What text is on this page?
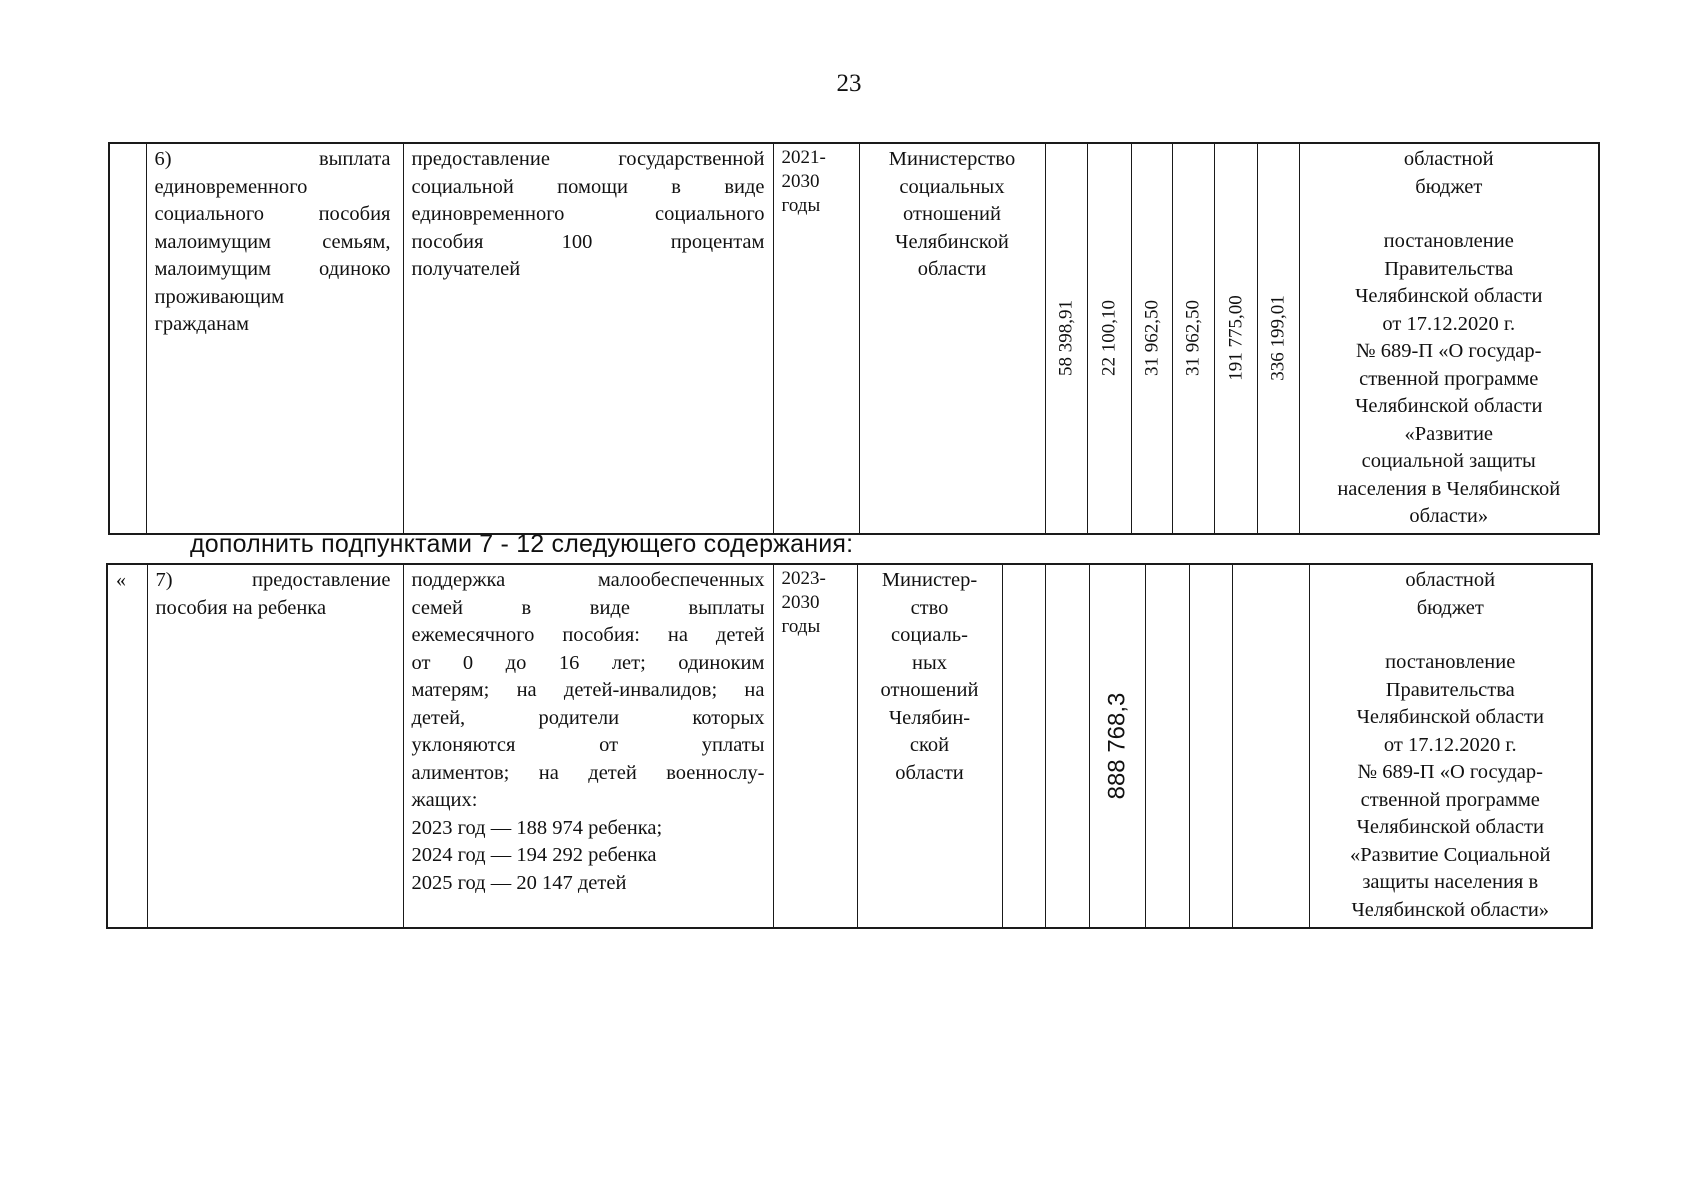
23

6) выплата
единовременного
социального пособия
малоимущим семьям,
малоимущим одиноко
проживающим
гражданам

предоставление государственной
социальной помощи в виде
единовременного социального
пособия 100 процентам
получателей

2021-
2030
годы

Министерство
социальных
отношений
Челябинской
области

58 398,91	22 100,10	31 962,50	31 962,50	191 775,00	336 199,01

областной
бюджет
постановление
Правительства
Челябинской области
от 17.12.2020 г.
№ 689-П «О государ-
ственной программе
Челябинской области
«Развитие
социальной защиты
населения в Челябинской
области»
дополнить подпунктами 7 - 12 следующего содержания:
«	7) предоставление
пособия на ребенка

поддержка малообеспеченных
семей в виде выплаты
ежемесячного пособия: на детей
от 0 до 16 лет; одиноким
матерям; на детей-инвалидов; на
детей, родители которых
уклоняются от уплаты
алиментов; на детей военнослу-
жащих:
2023 год — 188 974 ребенка;
2024 год — 194 292 ребенка
2025 год — 20 147 детей

2023-
2030
годы

Министер-
ство
социаль-
ных
отношений
Челябин-
ской
области			888 768,3

областной
бюджет
постановление
Правительства
Челябинской области
от 17.12.2020 г.
№ 689-П «О государ-
ственной программе
Челябинской области
«Развитие Социальной
защиты населения в
Челябинской области»
